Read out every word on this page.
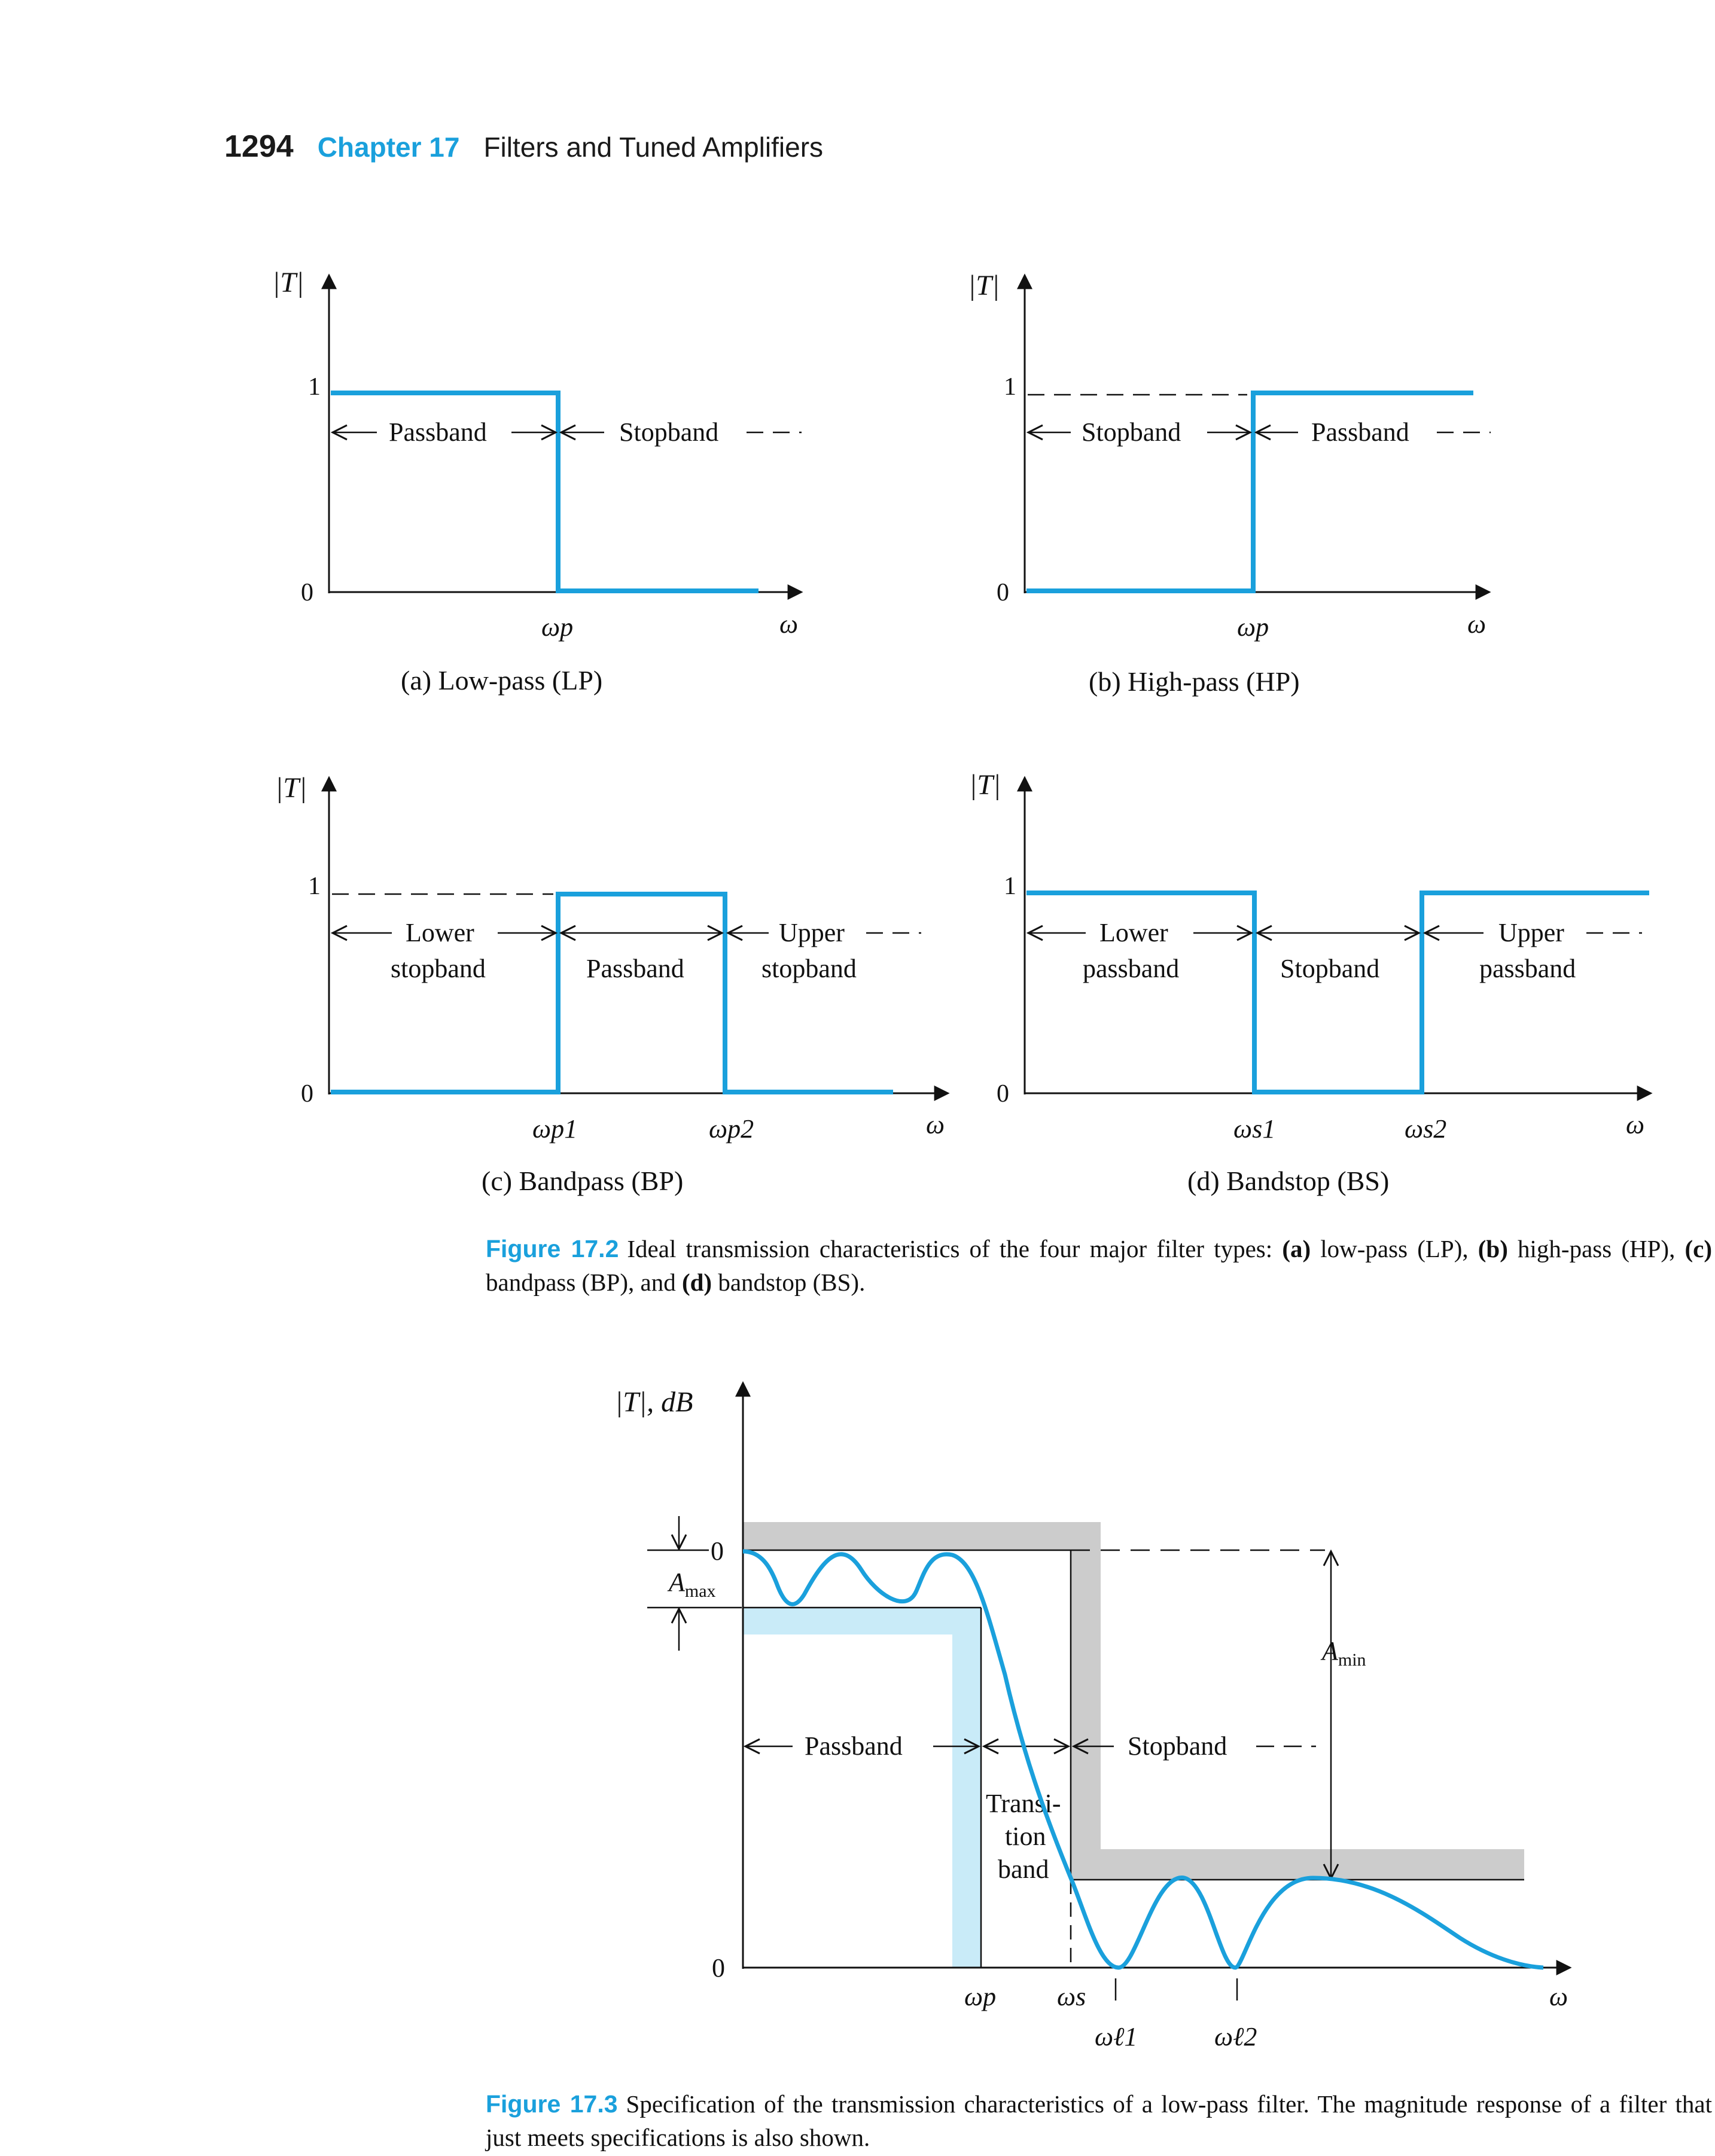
1294 Chapter 17 Filters and Tuned Amplifiers
|T|
1
0
Passband	Stopband
ωp	ω
(a) Low-pass (LP)
|T|
1
0
Stopband	Passband
ωp	ω
(b) High-pass (HP)
|T|
1
0
Lower
stopband	Passband
Upper
stopband
ωp1	ωp2	ω
(c) Bandpass (BP)
|T|
1
0
Lower
passband	Stopband
Upper
passband
ωs1	ωs2	ω
(d) Bandstop (BS)
|T|, dB
0
0
$A_{max}$
$A_{min}$
Passband	Stopband
Transi-
tion
band
ωp ωs
ωℓ1	ωℓ2
ω
Figure 17.2 Ideal transmission characteristics of the four major filter types: (a) low-pass (LP), (b) high-pass (HP), (c) bandpass (BP), and (d) bandstop (BS).
Figure 17.3 Specification of the transmission characteristics of a low-pass filter. The magnitude response of a filter that just meets specifications is also shown.
